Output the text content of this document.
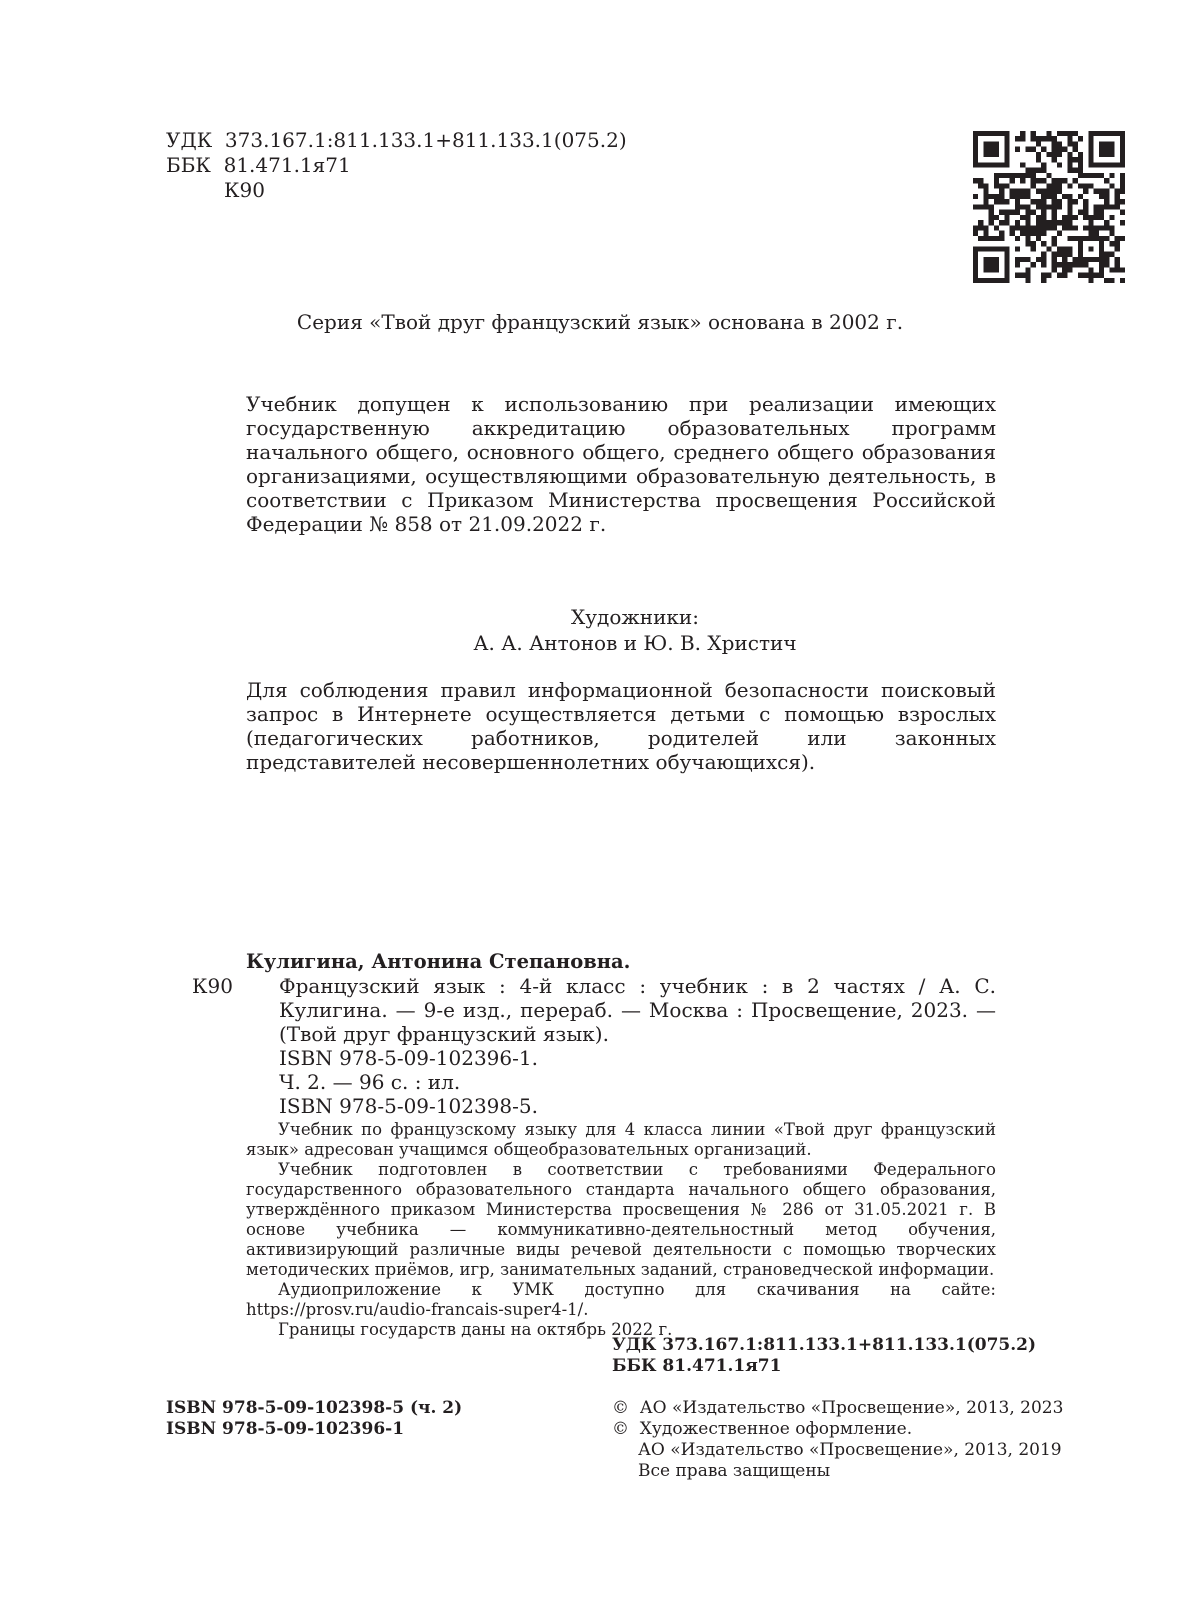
УДК  373.167.1:811.133.1+811.133.1(075.2)
ББК  81.471.1я71
К90
Серия «Твой друг французский язык» основана в 2002 г.

Учебник допущен к использованию при реализации имеющих государственную аккредитацию образовательных программ начального общего, основного общего, среднего общего образования организациями, осуществляющими образовательную деятельность, в соответствии с Приказом Министерства просвещения Российской Федерации № 858 от 21.09.2022 г.

Художники:
А. А. Антонов и Ю. В. Христич

Для соблюдения правил информационной безопасности поисковый запрос в Интернете осуществляется детьми с помощью взрослых (педагогических работников, родителей или законных представителей несовершеннолетних обучающихся).

Кулигина, Антонина Степановна.
К90 Французский язык : 4-й класс : учебник : в 2 частях / А. С. Кулигина. — 9-е изд., перераб. — Москва : Просвещение, 2023. — (Твой друг французский язык).

ISBN 978-5-09-102396-1.
Ч. 2. — 96 с. : ил.
ISBN 978-5-09-102398-5.

Учебник по французскому языку для 4 класса линии «Твой друг французский язык» адресован учащимся общеобразовательных организаций.

Учебник подготовлен в соответствии с требованиями Федерального государственного образовательного стандарта начального общего образования, утверждённого приказом Министерства просвещения № 286 от 31.05.2021 г. В основе учебника — коммуникативно-деятельностный метод обучения, активизирующий различные виды речевой деятельности с помощью творческих методических приёмов, игр, занимательных заданий, страноведческой информации.

Аудиоприложение к УМК доступно для скачивания на сайте: https://prosv.ru/audio-francais-super4-1/.

Границы государств даны на октябрь 2022 г.

УДК 373.167.1:811.133.1+811.133.1(075.2)
ББК 81.471.1я71
ISBN 978-5-09-102398-5 (ч. 2)
ISBN 978-5-09-102396-1
©  АО «Издательство «Просвещение», 2013, 2023
©  Художественное оформление.
АО «Издательство «Просвещение», 2013, 2019
Все права защищены
